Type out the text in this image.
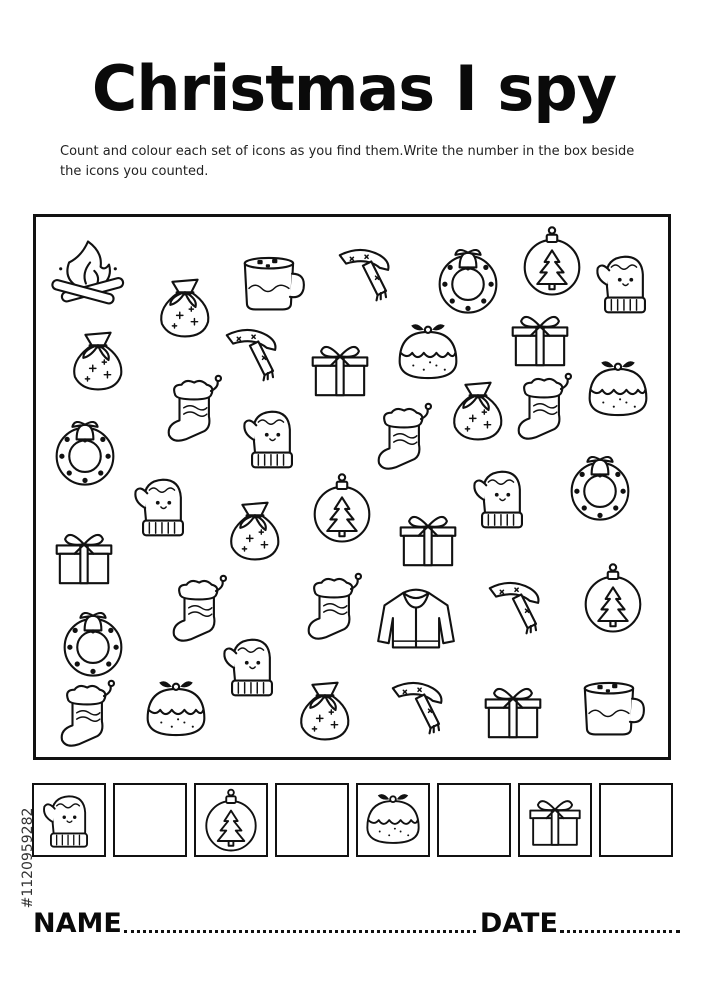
Christmas I spy

Count and colour each set of icons as you find them.Write the number in the box beside the icons you counted.

NAME	DATE
#1120959282
